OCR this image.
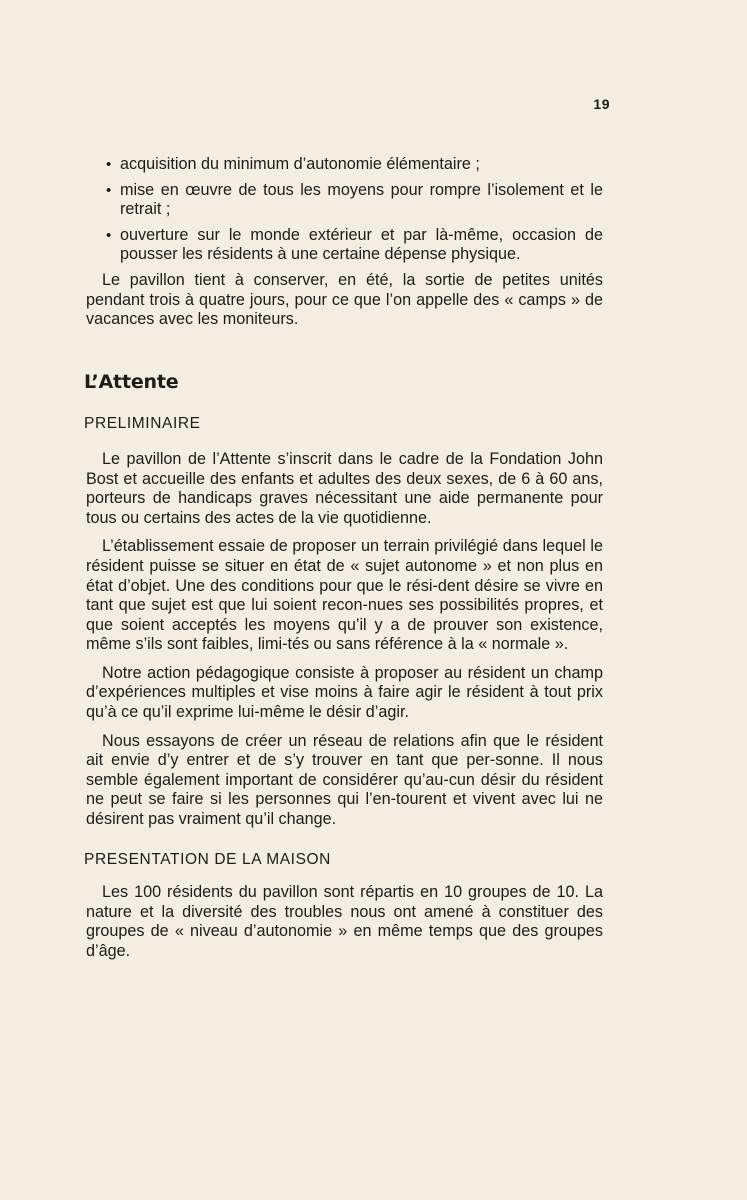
19
• acquisition du minimum d’autonomie élémentaire ;
• mise en œuvre de tous les moyens pour rompre l’isolement et le retrait ;
• ouverture sur le monde extérieur et par là-même, occasion de pousser les résidents à une certaine dépense physique.

Le pavillon tient à conserver, en été, la sortie de petites unités pendant trois à quatre jours, pour ce que l’on appelle des « camps » de vacances avec les moniteurs.

L’Attente
PRELIMINAIRE

Le pavillon de l’Attente s’inscrit dans le cadre de la Fondation John Bost et accueille des enfants et adultes des deux sexes, de 6 à 60 ans, porteurs de handicaps graves nécessitant une aide permanente pour tous ou certains des actes de la vie quotidienne.

L’établissement essaie de proposer un terrain privilégié dans lequel le résident puisse se situer en état de « sujet autonome » et non plus en état d’objet. Une des conditions pour que le rési-dent désire se vivre en tant que sujet est que lui soient recon-nues ses possibilités propres, et que soient acceptés les moyens qu’il y a de prouver son existence, même s’ils sont faibles, limi-tés ou sans référence à la « normale ».

Notre action pédagogique consiste à proposer au résident un champ d’expériences multiples et vise moins à faire agir le résident à tout prix qu’à ce qu’il exprime lui-même le désir d’agir.

Nous essayons de créer un réseau de relations afin que le résident ait envie d’y entrer et de s’y trouver en tant que per-sonne. Il nous semble également important de considérer qu’au-cun désir du résident ne peut se faire si les personnes qui l’en-tourent et vivent avec lui ne désirent pas vraiment qu’il change.

PRESENTATION DE LA MAISON

Les 100 résidents du pavillon sont répartis en 10 groupes de 10. La nature et la diversité des troubles nous ont amené à constituer des groupes de « niveau d’autonomie » en même temps que des groupes d’âge.
